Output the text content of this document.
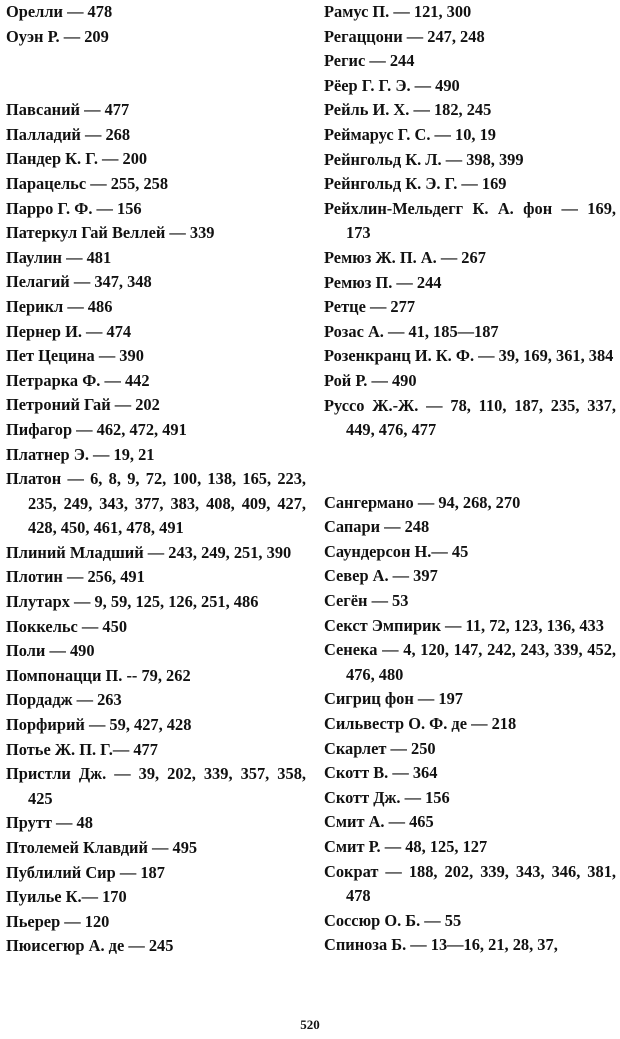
Орелли — 478

Оуэн Р. — 209

Павсаний — 477

Палладий — 268

Пандер К. Г. — 200

Парацельс — 255, 258

Парро Г. Ф. — 156

Патеркул Гай Веллей — 339

Паулин — 481

Пелагий — 347, 348

Перикл — 486

Пернер И. — 474

Пет Цецина — 390

Петрарка Ф. — 442

Петроний Гай — 202

Пифагор — 462, 472, 491

Платнер Э. — 19, 21

Платон — 6, 8, 9, 72, 100, 138, 165, 223, 235, 249, 343, 377, 383, 408, 409, 427, 428, 450, 461, 478, 491

Плиний Младший — 243, 249, 251, 390

Плотин — 256, 491

Плутарх — 9, 59, 125, 126, 251, 486

Поккельс — 450

Поли — 490

Помпонацци П. -- 79, 262

Пордадж — 263

Порфирий — 59, 427, 428

Потье Ж. П. Г.— 477

Пристли Дж. — 39, 202, 339, 357, 358, 425

Прутт — 48

Птолемей Клавдий — 495

Публилий Сир — 187

Пуилье К.— 170

Пьерер — 120

Пюисегюр А. де — 245

Рамус П. — 121, 300

Регаццони — 247, 248

Регис — 244

Рёер Г. Г. Э. — 490

Рейль И. Х. — 182, 245

Реймарус Г. С. — 10, 19

Рейнгольд К. Л. — 398, 399

Рейнгольд К. Э. Г. — 169

Рейхлин-Мельдегг К. А. фон — 169, 173

Ремюз Ж. П. А. — 267

Ремюз П. — 244

Ретце — 277

Розас А. — 41, 185—187

Розенкранц И. К. Ф. — 39, 169, 361, 384

Рой Р. — 490

Руссо Ж.-Ж. — 78, 110, 187, 235, 337, 449, 476, 477

Сангермано — 94, 268, 270

Сапари — 248

Саундерсон Н.— 45

Север А. — 397

Сегён — 53

Секст Эмпирик — 11, 72, 123, 136, 433

Сенека — 4, 120, 147, 242, 243, 339, 452, 476, 480

Сигриц фон — 197

Сильвестр О. Ф. де — 218

Скарлет — 250

Скотт В. — 364

Скотт Дж. — 156

Смит А. — 465

Смит Р. — 48, 125, 127

Сократ — 188, 202, 339, 343, 346, 381, 478

Соссюр О. Б. — 55

Спиноза Б. — 13—16, 21, 28, 37,

520
